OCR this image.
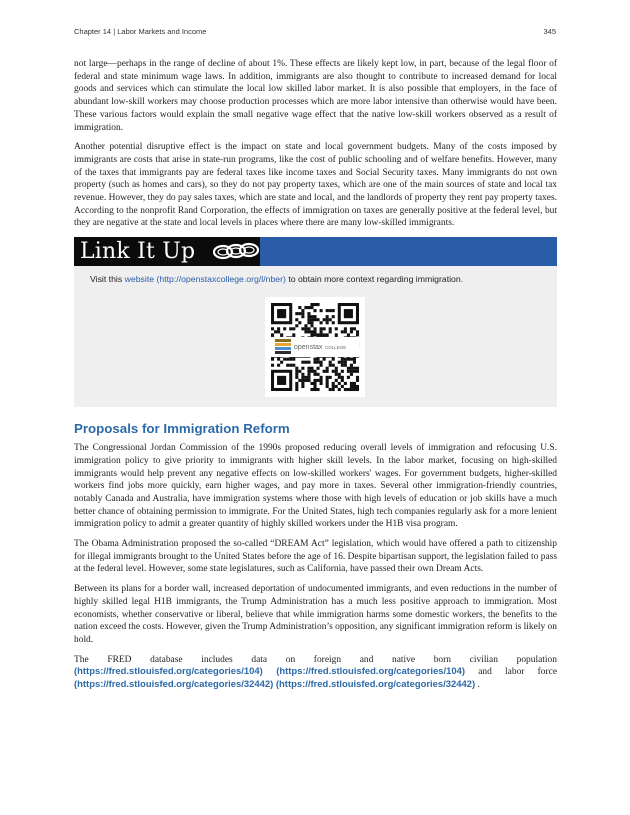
Chapter 14 | Labor Markets and Income	345

not large—perhaps in the range of decline of about 1%. These effects are likely kept low, in part, because of the legal floor of federal and state minimum wage laws. In addition, immigrants are also thought to contribute to increased demand for local goods and services which can stimulate the local low skilled labor market. It is also possible that employers, in the face of abundant low-skill workers may choose production processes which are more labor intensive than otherwise would have been. These various factors would explain the small negative wage effect that the native low-skill workers observed as a result of immigration.

Another potential disruptive effect is the impact on state and local government budgets. Many of the costs imposed by immigrants are costs that arise in state-run programs, like the cost of public schooling and of welfare benefits. However, many of the taxes that immigrants pay are federal taxes like income taxes and Social Security taxes. Many immigrants do not own property (such as homes and cars), so they do not pay property taxes, which are one of the main sources of state and local tax revenue. However, they do pay sales taxes, which are state and local, and the landlords of property they rent pay property taxes. According to the nonprofit Rand Corporation, the effects of immigration on taxes are generally positive at the federal level, but they are negative at the state and local levels in places where there are many low-skilled immigrants.

Link It Up
Visit this website (http://openstaxcollege.org/l/nber) to obtain more context regarding immigration.
openstax COLLEGE
Proposals for Immigration Reform

The Congressional Jordan Commission of the 1990s proposed reducing overall levels of immigration and refocusing U.S. immigration policy to give priority to immigrants with higher skill levels. In the labor market, focusing on high-skilled immigrants would help prevent any negative effects on low-skilled workers' wages. For government budgets, higher-skilled workers find jobs more quickly, earn higher wages, and pay more in taxes. Several other immigration-friendly countries, notably Canada and Australia, have immigration systems where those with high levels of education or job skills have a much better chance of obtaining permission to immigrate. For the United States, high tech companies regularly ask for a more lenient immigration policy to admit a greater quantity of highly skilled workers under the H1B visa program.

The Obama Administration proposed the so-called “DREAM Act” legislation, which would have offered a path to citizenship for illegal immigrants brought to the United States before the age of 16. Despite bipartisan support, the legislation failed to pass at the federal level. However, some state legislatures, such as California, have passed their own Dream Acts.

Between its plans for a border wall, increased deportation of undocumented immigrants, and even reductions in the number of highly skilled legal H1B immigrants, the Trump Administration has a much less positive approach to immigration. Most economists, whether conservative or liberal, believe that while immigration harms some domestic workers, the benefits to the nation exceed the costs. However, given the Trump Administration’s opposition, any significant immigration reform is likely on hold.

The FRED database includes data on foreign and native born civilian population (https://fred.stlouisfed.org/categories/104) (https://fred.stlouisfed.org/categories/104) and labor force (https://fred.stlouisfed.org/categories/32442) (https://fred.stlouisfed.org/categories/32442) .
